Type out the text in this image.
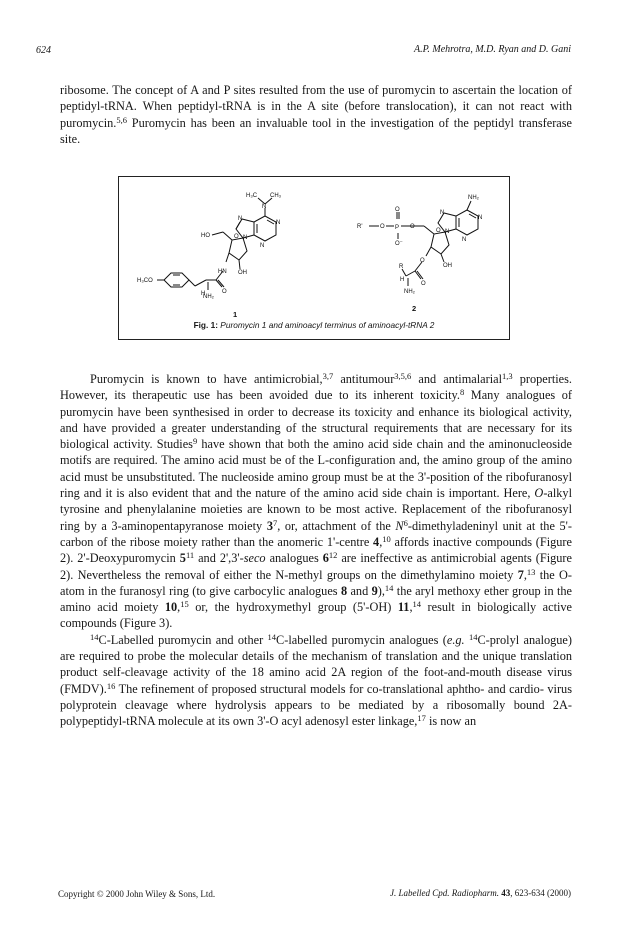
624	A.P. Mehrotra, M.D. Ryan and D. Gani

ribosome. The concept of A and P sites resulted from the use of puromycin to ascertain the location of peptidyl-tRNA. When peptidyl-tRNA is in the A site (before translocation), it can not react with puromycin.$^{5,6}$ Puromycin has been an invaluable tool in the investigation of the peptidyl transferase site.

H₃C CH₃
N
N
N
N
N
HO	O
OH
HN
O
H
NH₂
H₃CO
1
NH₂
N
N
N
N
R'	O P
O
O⁻
O
O
OH
O
O
R
H
NH₂
2
Fig. 1: Puromycin 1 and aminoacyl terminus of aminoacyl-tRNA 2

Puromycin is known to have antimicrobial,$^{3,7}$ antitumour$^{3,5,6}$ and antimalarial$^{1,3}$ properties. However, its therapeutic use has been avoided due to its inherent toxicity.$^8$ Many analogues of puromycin have been synthesised in order to decrease its toxicity and enhance its biological activity, and have provided a greater understanding of the structural requirements that are necessary for its biological activity. Studies$^9$ have shown that both the amino acid side chain and the aminonucleoside motifs are required. The amino acid must be of the L-configuration and, the amino group of the amino acid must be unsubstituted. The nucleoside amino group must be at the 3'-position of the ribofuranosyl ring and it is also evident that and the nature of the amino acid side chain is important. Here, O-alkyl tyrosine and phenylalanine moieties are known to be most active. Replacement of the ribofuranosyl ring by a 3-aminopentapyranose moiety $3^7$, or, attachment of the $N^6$-dimethyladeninyl unit at the 5'-carbon of the ribose moiety rather than the anomeric 1'-centre 4,10 affords inactive compounds (Figure 2). 2'-Deoxypuromycin $5^{11}$ and 2',3'-seco analogues $6^{12}$ are ineffective as antimicrobial agents (Figure 2). Nevertheless the removal of either the N-methyl groups on the dimethylamino moiety 7,13 the O-atom in the furanosyl ring (to give carbocylic analogues 8 and 9),$^{14}$ the aryl methoxy ether group in the amino acid moiety 10,15 or, the hydroxymethyl group (5'-OH) 11,14 result in biologically active compounds (Figure 3).

$^{14}$C-Labelled puromycin and other $^{14}$C-labelled puromycin analogues (e.g. $^{14}$C-prolyl analogue) are required to probe the molecular details of the mechanism of translation and the unique translation product self-cleavage activity of the 18 amino acid 2A region of the foot-and-mouth disease virus (FMDV).$^{16}$ The refinement of proposed structural models for co-translational aphtho- and cardio- virus polyprotein cleavage where hydrolysis appears to be mediated by a ribosomally bound 2A-polypeptidyl-tRNA molecule at its own 3'-O acyl adenosyl ester linkage,$^{17}$ is now an

Copyright © 2000 John Wiley & Sons, Ltd.	J. Labelled Cpd. Radiopharm. 43, 623-634 (2000)
